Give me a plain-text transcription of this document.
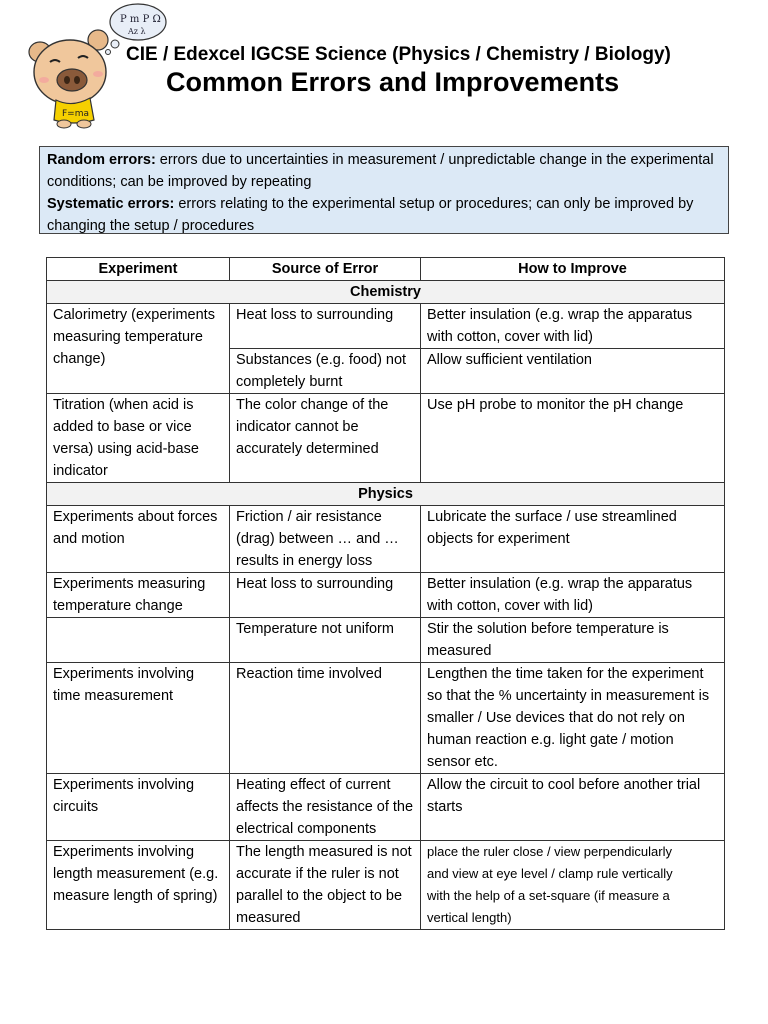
P m P Ω
Az λ
F=ma
CIE / Edexcel IGCSE Science (Physics / Chemistry / Biology)
Common Errors and Improvements
Random errors: errors due to uncertainties in measurement / unpredictable change in the experimental conditions; can be improved by repeating
Systematic errors: errors relating to the experimental setup or procedures; can only be improved by changing the setup / procedures
Experiment	Source of Error	How to Improve
Chemistry		
Calorimetry (experiments measuring temperature change)	Heat loss to surrounding	Better insulation (e.g. wrap the apparatus with cotton, cover with lid)
	Substances (e.g. food) not completely burnt	Allow sufficient ventilation
Titration (when acid is added to base or vice versa) using acid-base indicator	The color change of the indicator cannot be accurately determined	Use pH probe to monitor the pH change
Physics		
Experiments about forces and motion	Friction / air resistance (drag) between … and … results in energy loss	Lubricate the surface / use streamlined objects for experiment
Experiments measuring temperature change	Heat loss to surrounding	Better insulation (e.g. wrap the apparatus with cotton, cover with lid)
	Temperature not uniform	Stir the solution before temperature is measured
Experiments involving time measurement	Reaction time involved	Lengthen the time taken for the experiment so that the % uncertainty in measurement is smaller / Use devices that do not rely on human reaction e.g. light gate / motion sensor etc.
Experiments involving circuits	Heating effect of current affects the resistance of the electrical components	Allow the circuit to cool before another trial starts
Experiments involving length measurement (e.g. measure length of spring)	The length measured is not accurate if the ruler is not parallel to the object to be measured	place the ruler close / view perpendicularly
and view at eye level / clamp rule vertically
with the help of a set-square (if measure a
vertical length)
